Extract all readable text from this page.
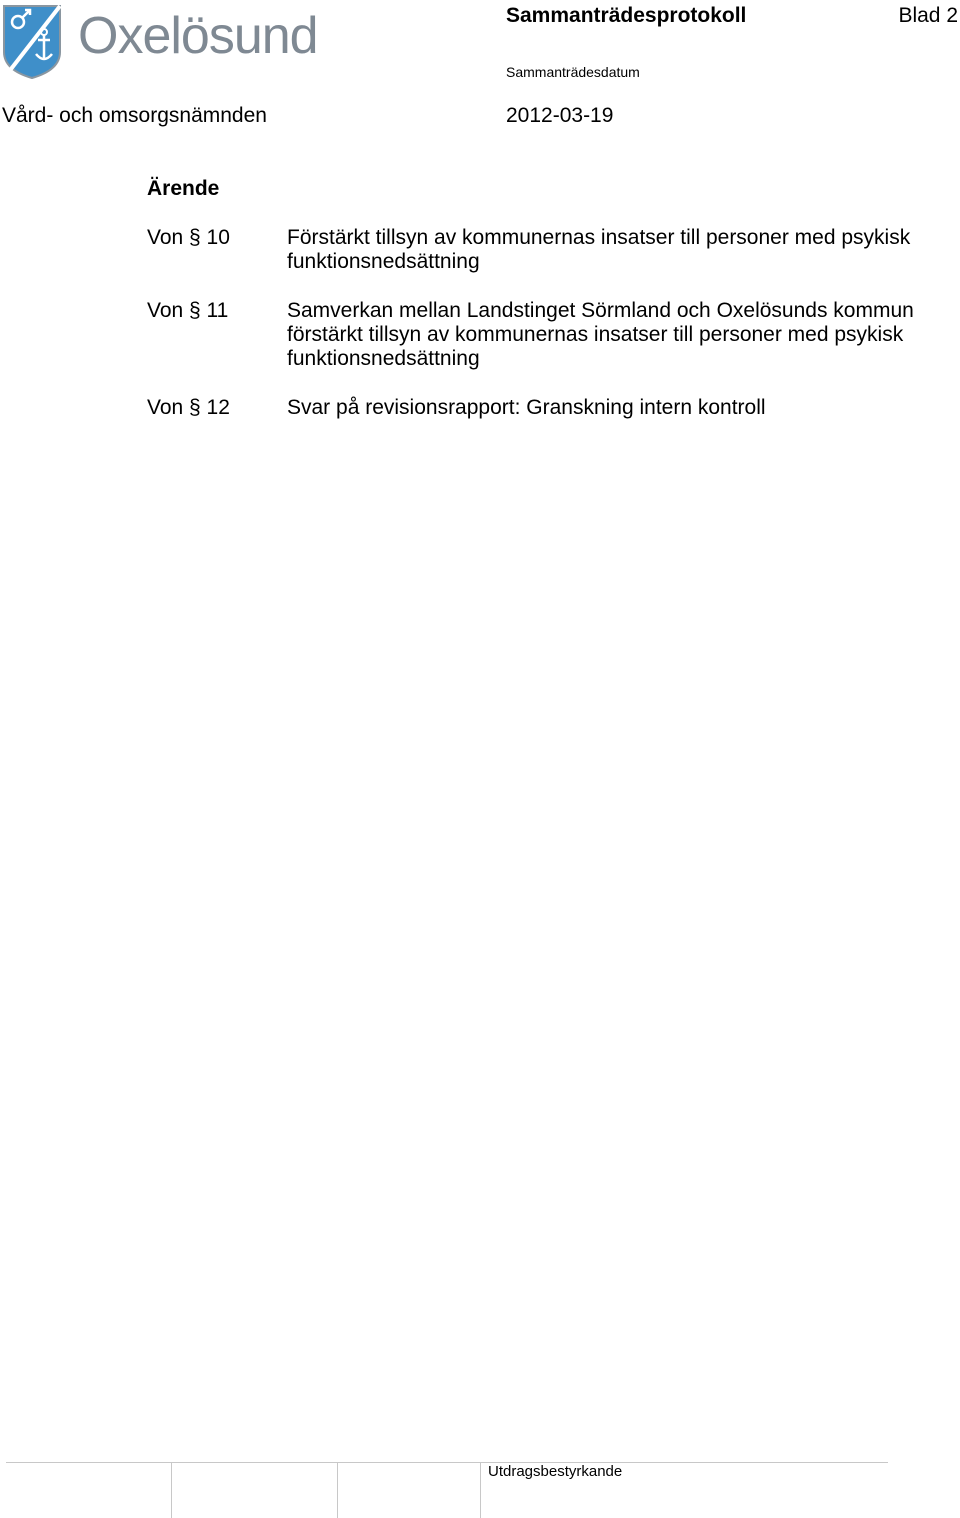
Oxelösund	Sammanträdesprotokoll	Blad 2
Sammanträdesdatum
Vård- och omsorgsnämnden	2012-03-19
Ärende
Von § 10	Förstärkt tillsyn av kommunernas insatser till personer med psykisk
funktionsnedsättning
Von § 11	Samverkan mellan Landstinget Sörmland och Oxelösunds kommun
förstärkt tillsyn av kommunernas insatser till personer med psykisk
funktionsnedsättning
Von § 12	Svar på revisionsrapport: Granskning intern kontroll
Utdragsbestyrkande
